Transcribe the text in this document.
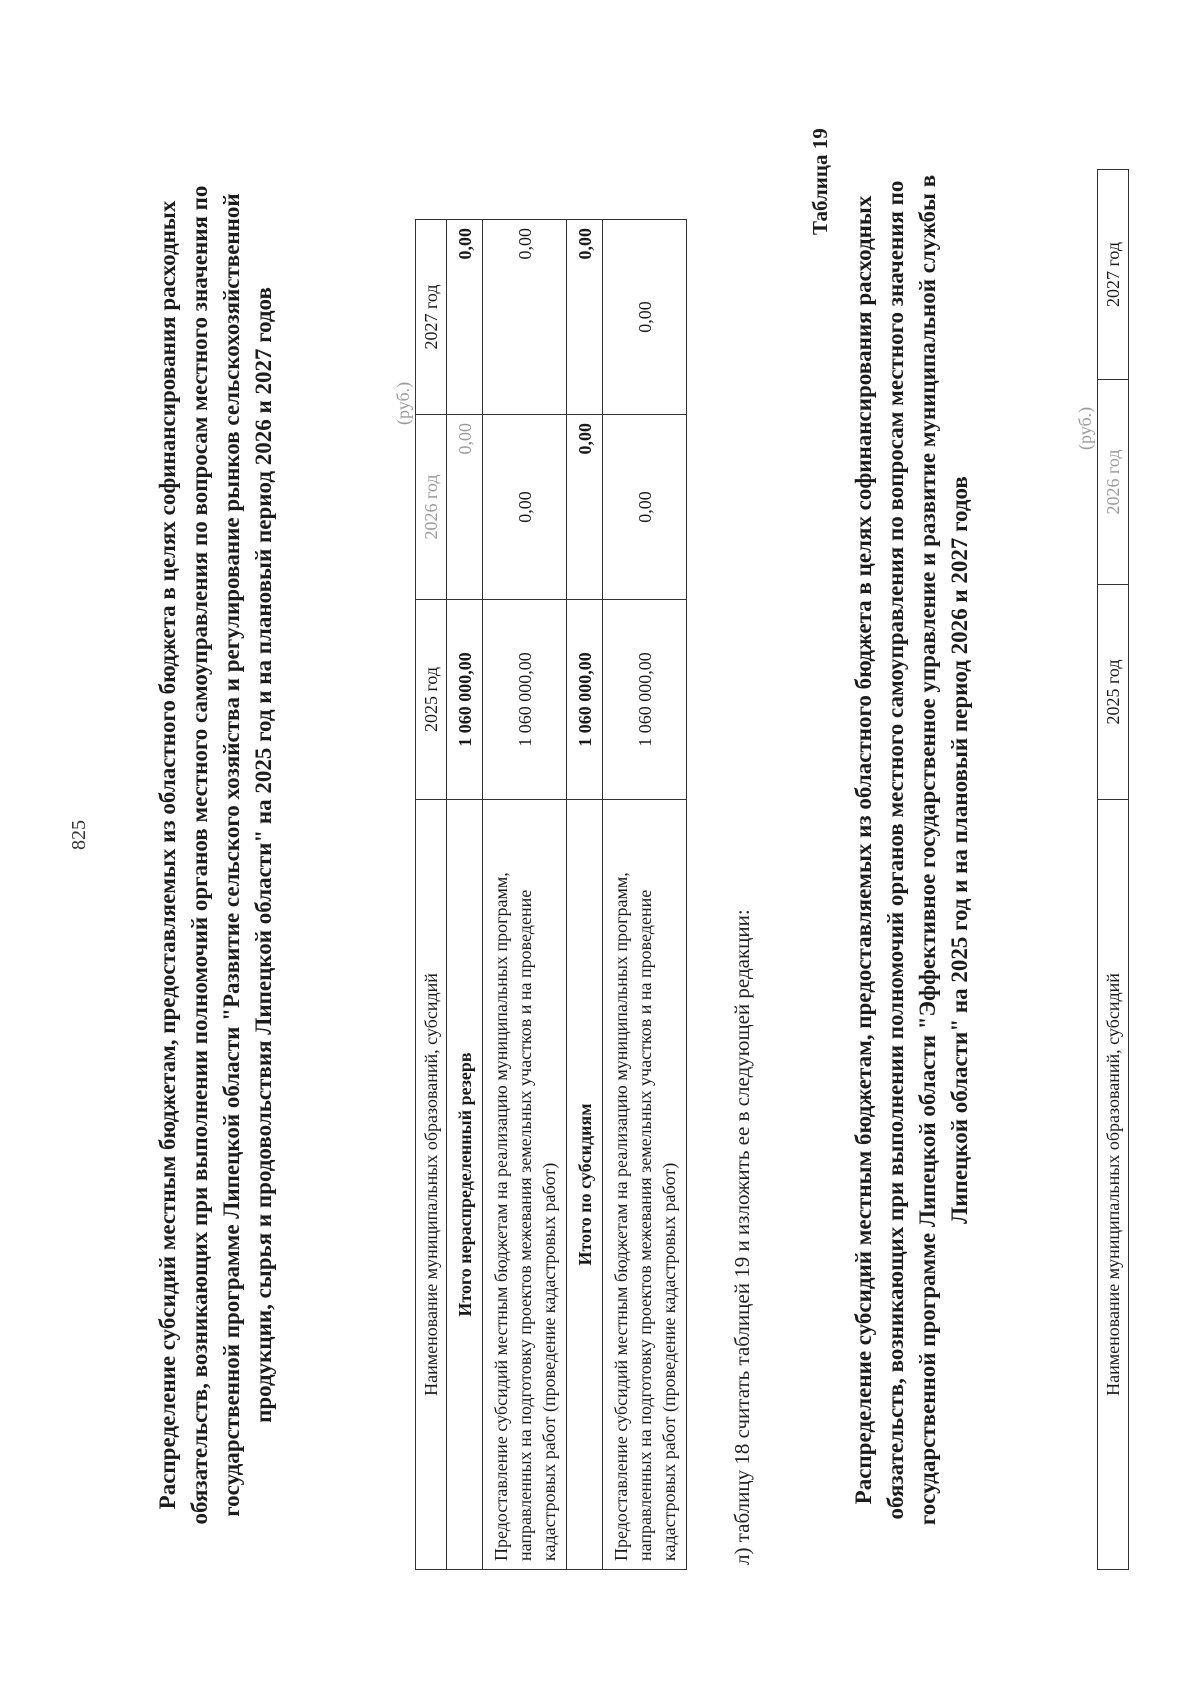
825	Распределение субсидий местным бюджетам, предоставляемых из областного бюджета в целях софинансирования расходных обязательств, возникающих при выполнении полномочий органов местного самоуправления по вопросам местного значения по государственной программе Липецкой области "Развитие сельского хозяйства и регулирование рынков сельскохозяйственной продукции, сырья и продовольствия Липецкой области" на 2025 год и на плановый период 2026 и 2027 годов	(руб.)
Наименование муниципальных образований, субсидий	2025 год	2026 год	2027 год
Итого нераспределенный резерв	1 060 000,00	0,00	0,00
Предоставление субсидий местным бюджетам на реализацию муниципальных программ, направленных на подготовку проектов межевания земельных участков и на проведение кадастровых работ (проведение кадастровых работ)	1 060 000,00	0,00	0,00
Итого по субсидиям	1 060 000,00	0,00	0,00
Предоставление субсидий местным бюджетам на реализацию муниципальных программ, направленных на подготовку проектов межевания земельных участков и на проведение кадастровых работ (проведение кадастровых работ)	1 060 000,00	0,00	0,00
л) таблицу 18 считать таблицей 19 и изложить ее в следующей редакции:
Таблица 19
Распределение субсидий местным бюджетам, предоставляемых из областного бюджета в целях софинансирования расходных обязательств, возникающих при выполнении полномочий органов местного самоуправления по вопросам местного значения по государственной программе Липецкой области "Эффективное государственное управление и развитие муниципальной службы в Липецкой области" на 2025 год и на плановый период 2026 и 2027 годов
(руб.)
Наименование муниципальных образований, субсидий	2025 год	2026 год	2027 год
